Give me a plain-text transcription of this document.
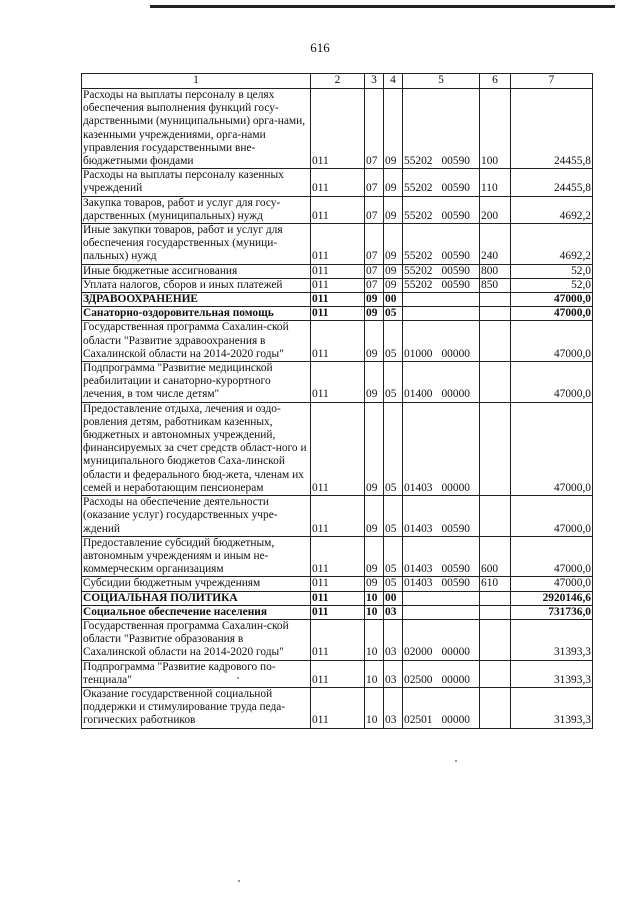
616
1	2	3	4	5	6	7
Расходы на выплаты персоналу в целях обеспечения выполнения функций госу-дарственными (муниципальными) орга-нами, казенными учреждениями, орга-нами управления государственными вне-бюджетными фондами	011	07	09	55202 00590	100	24455,8
Расходы на выплаты персоналу казенных учреждений	011	07	09	55202 00590	110	24455,8
Закупка товаров, работ и услуг для госу-дарственных (муниципальных) нужд	011	07	09	55202 00590	200	4692,2
Иные закупки товаров, работ и услуг для обеспечения государственных (муници-пальных) нужд	011	07	09	55202 00590	240	4692,2
Иные бюджетные ассигнования	011	07	09	55202 00590	800	52,0
Уплата налогов, сборов и иных платежей	011	07	09	55202 00590	850	52,0
ЗДРАВООХРАНЕНИЕ	011	09	00			47000,0
Санаторно-оздоровительная помощь	011	09	05			47000,0
Государственная программа Сахалин-ской области "Развитие здравоохранения в Сахалинской области на 2014-2020 годы"	011	09	05	01000 00000		47000,0
Подпрограмма "Развитие медицинской реабилитации и санаторно-курортного лечения, в том числе детям"	011	09	05	01400 00000		47000,0
Предоставление отдыха, лечения и оздо-ровления детям, работникам казенных, бюджетных и автономных учреждений, финансируемых за счет средств област-ного и муниципального бюджетов Саха-линской области и федерального бюд-жета, членам их семей и неработающим пенсионерам	011	09	05	01403 00000		47000,0
Расходы на обеспечение деятельности (оказание услуг) государственных учре-ждений	011	09	05	01403 00590		47000,0
Предоставление субсидий бюджетным, автономным учреждениям и иным не-коммерческим организациям	011	09	05	01403 00590	600	47000,0
Субсидии бюджетным учреждениям	011	09	05	01403 00590	610	47000,0
СОЦИАЛЬНАЯ ПОЛИТИКА	011	10	00			2920146,6
Социальное обеспечение населения	011	10	03			731736,0
Государственная программа Сахалин-ской области "Развитие образования в Сахалинской области на 2014-2020 годы"	011	10	03	02000 00000		31393,3
Подпрограмма "Развитие кадрового по-тенциала"	011	10	03	02500 00000		31393,3
Оказание государственной социальной поддержки и стимулирование труда педа-гогических работников	011	10	03	02501 00000		31393,3
